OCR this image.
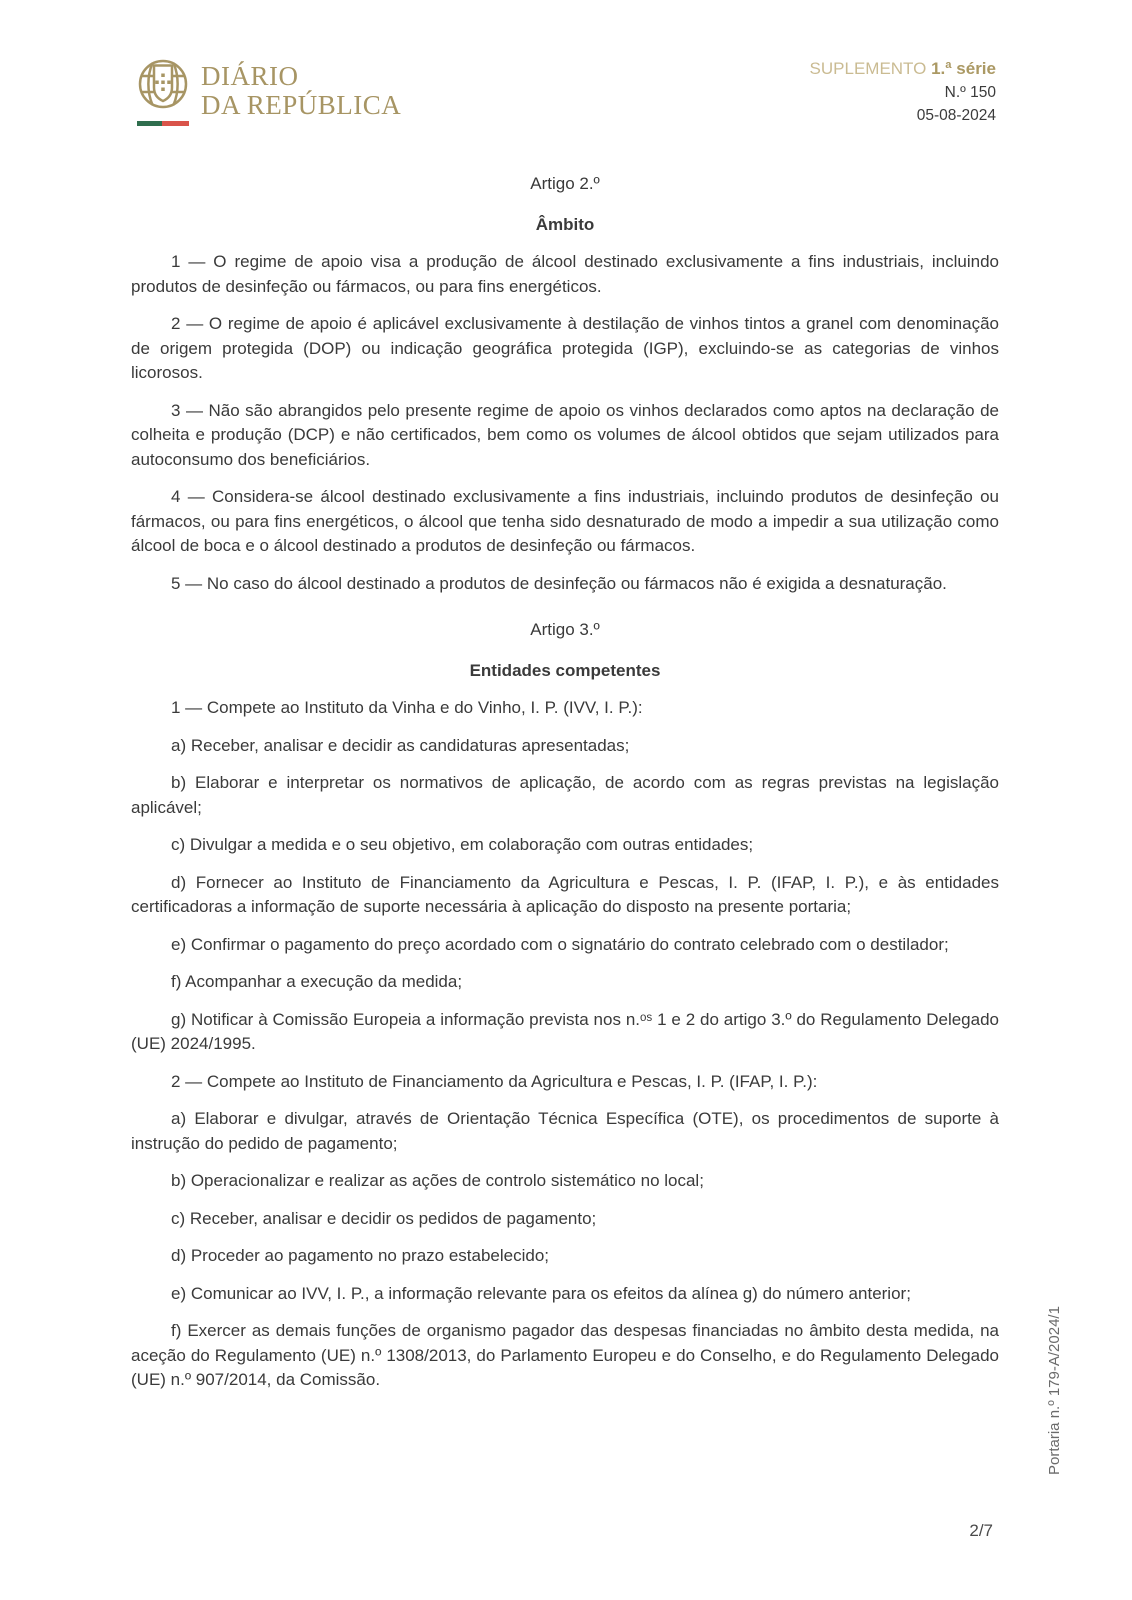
DIÁRIO
DA REPÚBLICA
SUPLEMENTO 1.ª série
N.º 150
05-08-2024

Artigo 2.º

Âmbito

1 — O regime de apoio visa a produção de álcool destinado exclusivamente a fins industriais, incluindo produtos de desinfeção ou fármacos, ou para fins energéticos.

2 — O regime de apoio é aplicável exclusivamente à destilação de vinhos tintos a granel com denominação de origem protegida (DOP) ou indicação geográfica protegida (IGP), excluindo-se as categorias de vinhos licorosos.

3 — Não são abrangidos pelo presente regime de apoio os vinhos declarados como aptos na declaração de colheita e produção (DCP) e não certificados, bem como os volumes de álcool obtidos que sejam utilizados para autoconsumo dos beneficiários.

4 — Considera-se álcool destinado exclusivamente a fins industriais, incluindo produtos de desinfeção ou fármacos, ou para fins energéticos, o álcool que tenha sido desnaturado de modo a impedir a sua utilização como álcool de boca e o álcool destinado a produtos de desinfeção ou fármacos.

5 — No caso do álcool destinado a produtos de desinfeção ou fármacos não é exigida a desnaturação.

Artigo 3.º

Entidades competentes

1 — Compete ao Instituto da Vinha e do Vinho, I. P. (IVV, I. P.):

a) Receber, analisar e decidir as candidaturas apresentadas;

b) Elaborar e interpretar os normativos de aplicação, de acordo com as regras previstas na legislação aplicável;

c) Divulgar a medida e o seu objetivo, em colaboração com outras entidades;

d) Fornecer ao Instituto de Financiamento da Agricultura e Pescas, I. P. (IFAP, I. P.), e às entidades certificadoras a informação de suporte necessária à aplicação do disposto na presente portaria;

e) Confirmar o pagamento do preço acordado com o signatário do contrato celebrado com o destilador;

f) Acompanhar a execução da medida;

g) Notificar à Comissão Europeia a informação prevista nos n.ᵒˢ 1 e 2 do artigo 3.º do Regulamento Delegado (UE) 2024/1995.

2 — Compete ao Instituto de Financiamento da Agricultura e Pescas, I. P. (IFAP, I. P.):

a) Elaborar e divulgar, através de Orientação Técnica Específica (OTE), os procedimentos de suporte à instrução do pedido de pagamento;

b) Operacionalizar e realizar as ações de controlo sistemático no local;

c) Receber, analisar e decidir os pedidos de pagamento;

d) Proceder ao pagamento no prazo estabelecido;

e) Comunicar ao IVV, I. P., a informação relevante para os efeitos da alínea g) do número anterior;

f) Exercer as demais funções de organismo pagador das despesas financiadas no âmbito desta medida, na aceção do Regulamento (UE) n.º 1308/2013, do Parlamento Europeu e do Conselho, e do Regulamento Delegado (UE) n.º 907/2014, da Comissão.	Portaria n.º 179-A/2024/1
2/7
